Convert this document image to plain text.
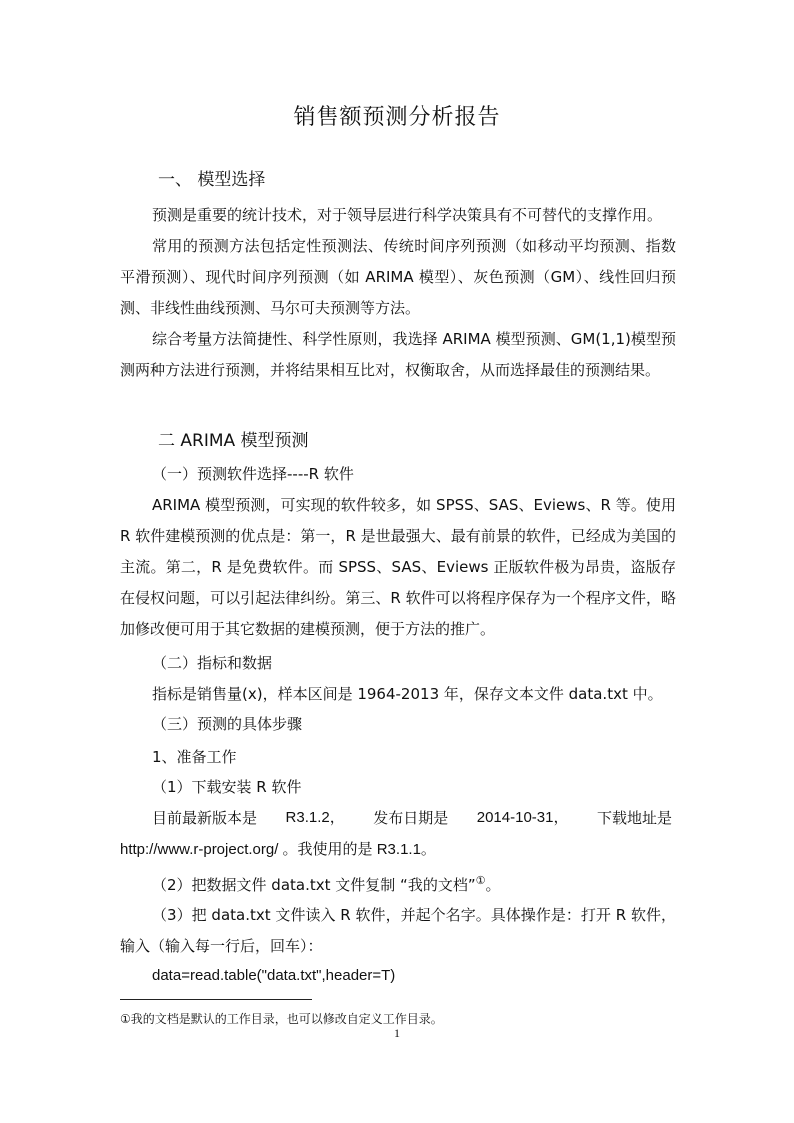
销售额预测分析报告
一、 模型选择

预测是重要的统计技术，对于领导层进行科学决策具有不可替代的支撑作用。

常用的预测方法包括定性预测法、传统时间序列预测（如移动平均预测、指数平滑预测）、现代时间序列预测（如 ARIMA 模型）、灰色预测（GM）、线性回归预测、非线性曲线预测、马尔可夫预测等方法。

综合考量方法简捷性、科学性原则，我选择 ARIMA 模型预测、GM(1,1)模型预测两种方法进行预测，并将结果相互比对，权衡取舍，从而选择最佳的预测结果。

二 ARIMA 模型预测
（一）预测软件选择----R 软件

ARIMA 模型预测，可实现的软件较多，如 SPSS、SAS、Eviews、R 等。使用 R 软件建模预测的优点是：第一，R 是世最强大、最有前景的软件，已经成为美国的主流。第二，R 是免费软件。而 SPSS、SAS、Eviews 正版软件极为昂贵，盗版存在侵权问题，可以引起法律纠纷。第三、R 软件可以将程序保存为一个程序文件，略加修改便可用于其它数据的建模预测，便于方法的推广。

（二）指标和数据
指标是销售量(x)，样本区间是 1964-2013 年，保存文本文件 data.txt 中。
（三）预测的具体步骤
1、准备工作
（1）下载安装 R 软件
目前最新版本是 R3.1.2， 发布日期是 2014-10-31， 下载地址是
http://www.r-project.org/ 。我使用的是 R3.1.1。
（2）把数据文件 data.txt 文件复制 “我的文档”①。

（3）把 data.txt 文件读入 R 软件，并起个名字。具体操作是：打开 R 软件，输入（输入每一行后，回车）：

data=read.table("data.txt",header=T)
①我的文档是默认的工作目录，也可以修改自定义工作目录。
1
